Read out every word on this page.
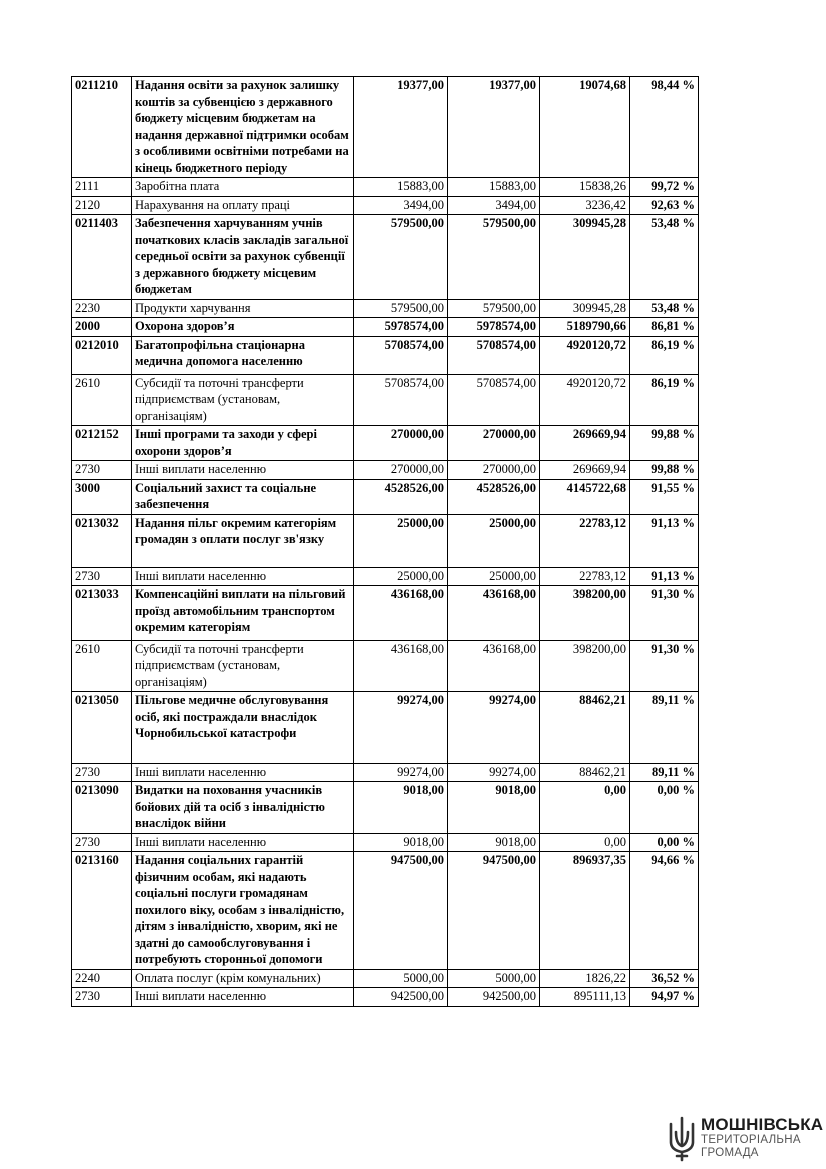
0211210	Надання освіти за рахунок залишку коштів за субвенцією з державного бюджету місцевим бюджетам на надання державної підтримки особам з особливими освітніми потребами на кінець бюджетного періоду	19377,00	19377,00	19074,68	98,44 %
2111	Заробітна плата	15883,00	15883,00	15838,26	99,72 %
2120	Нарахування на оплату праці	3494,00	3494,00	3236,42	92,63 %
0211403	Забезпечення харчуванням учнів початкових класів закладів загальної середньої освіти за рахунок субвенції з державного бюджету місцевим бюджетам	579500,00	579500,00	309945,28	53,48 %
2230	Продукти харчування	579500,00	579500,00	309945,28	53,48 %
2000	Охорона здоров’я	5978574,00	5978574,00	5189790,66	86,81 %
0212010	Багатопрофільна стаціонарна медична допомога населенню	5708574,00	5708574,00	4920120,72	86,19 %
2610	Субсидії та поточні трансферти підприємствам (установам, організаціям)	5708574,00	5708574,00	4920120,72	86,19 %
0212152	Інші програми та заходи у сфері охорони здоров’я	270000,00	270000,00	269669,94	99,88 %
2730	Інші виплати населенню	270000,00	270000,00	269669,94	99,88 %
3000	Соціальний захист та соціальне забезпечення	4528526,00	4528526,00	4145722,68	91,55 %
0213032	Надання пільг окремим категоріям громадян з оплати послуг зв'язку	25000,00	25000,00	22783,12	91,13 %
2730	Інші виплати населенню	25000,00	25000,00	22783,12	91,13 %
0213033	Компенсаційні виплати на пільговий проїзд автомобільним транспортом окремим категоріям	436168,00	436168,00	398200,00	91,30 %
2610	Субсидії та поточні трансферти підприємствам (установам, організаціям)	436168,00	436168,00	398200,00	91,30 %
0213050	Пільгове медичне обслуговування осіб, які постраждали внаслідок Чорнобильської катастрофи	99274,00	99274,00	88462,21	89,11 %
2730	Інші виплати населенню	99274,00	99274,00	88462,21	89,11 %
0213090	Видатки на поховання учасників бойових дій та осіб з інвалідністю внаслідок війни	9018,00	9018,00	0,00	0,00 %
2730	Інші виплати населенню	9018,00	9018,00	0,00	0,00 %
0213160	Надання соціальних гарантій фізичним особам, які надають соціальні послуги громадянам похилого віку, особам з інвалідністю, дітям з інвалідністю, хворим, які не здатні до самообслуговування і потребують сторонньої допомоги	947500,00	947500,00	896937,35	94,66 %
2240	Оплата послуг (крім комунальних)	5000,00	5000,00	1826,22	36,52 %
2730	Інші виплати населенню	942500,00	942500,00	895111,13	94,97 %
МОШНІВСЬКА
ТЕРИТОРІАЛЬНА
ГРОМАДА
